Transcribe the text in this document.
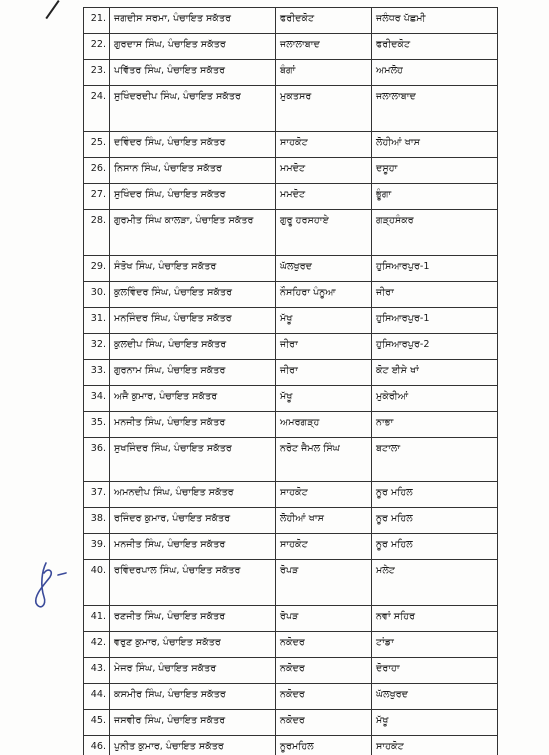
21.	ਜਗਦੀਸ ਸਰਮਾ, ਪੰਚਾਇਤ ਸਕੱਤਰ	ਫਰੀਦਕੋਟ	ਜਲੰਧਰ ਪੱਛਮੀ
22.	ਗੁਰਦਾਸ ਸਿੰਘ, ਪੰਚਾਇਤ ਸਕੱਤਰ	ਜਲਾਲਾਬਾਦ	ਫਰੀਦਕੋਟ
23.	ਪਵਿੱਤਰ ਸਿੰਘ, ਪੰਚਾਇਤ ਸਕੱਤਰ	ਬੰਗਾਂ	ਅਮਲੋਹ
24.	ਸੁਖਿੰਦਰਦੀਪ ਸਿੰਘ, ਪੰਚਾਇਤ ਸਕੱਤਰ	ਮੁਕਤਸਰ	ਜਲਾਲਾਬਾਦ
25.	ਦਵਿੰਦਰ ਸਿੰਘ, ਪੰਚਾਇਤ ਸਕੱਤਰ	ਸਾਹਕੋਟ	ਲੋਹੀਆਂ ਖਾਸ
26.	ਨਿਸਾਨ ਸਿੰਘ, ਪੰਚਾਇਤ ਸਕੱਤਰ	ਮਮਦੋਟ	ਦਸੂਹਾ
27.	ਸੁਖਿੰਦਰ ਸਿੰਘ, ਪੰਚਾਇਤ ਸਕੱਤਰ	ਮਮਦੋਟ	ਭੂੰਗਾ
28.	ਗੁਰਮੀਤ ਸਿੰਘ ਕਾਲੜਾ, ਪੰਚਾਇਤ ਸਕੱਤਰ	ਗੁਰੂ ਹਰਸਹਾਏ	ਗੜ੍ਹਸੰਕਰ
29.	ਸੰਤੋਖ ਸਿੰਘ, ਪੰਚਾਇਤ ਸਕੱਤਰ	ਘੱਲਖੁਰਦ	ਹੁਸਿਆਰਪੁਰ-1
30.	ਕੁਲਵਿੰਦਰ ਸਿੰਘ, ਪੰਚਾਇਤ ਸਕੱਤਰ	ਨੌਸਹਿਰਾ ਪੰਨੂਆ	ਜੀਰਾ
31.	ਮਨਜਿੰਦਰ ਸਿੰਘ, ਪੰਚਾਇਤ ਸਕੱਤਰ	ਮੱਖੂ	ਹੁਸਿਆਰਪੁਰ-1
32.	ਕੁਲਦੀਪ ਸਿੰਘ, ਪੰਚਾਇਤ ਸਕੱਤਰ	ਜੀਰਾ	ਹੁਸਿਆਰਪੁਰ-2
33.	ਗੁਰਨਾਮ ਸਿੰਘ, ਪੰਚਾਇਤ ਸਕੱਤਰ	ਜੀਰਾ	ਕੋਟ ਈਸੇ ਖਾਂ
34.	ਅਜੈ ਕੁਮਾਰ, ਪੰਚਾਇਤ ਸਕੱਤਰ	ਮੱਖੂ	ਮੁਕੇਰੀਆਂ
35.	ਮਨਜੀਤ ਸਿੰਘ, ਪੰਚਾਇਤ ਸਕੱਤਰ	ਅਮਰਗੜ੍ਹ	ਨਾਭਾ
36.	ਸੁਖਜਿੰਦਰ ਸਿੰਘ, ਪੰਚਾਇਤ ਸਕੱਤਰ	ਨਰੋਟ ਜੈਮਲ ਸਿੰਘ	ਬਟਾਲਾ
37.	ਅਮਨਦੀਪ ਸਿੰਘ, ਪੰਚਾਇਤ ਸਕੱਤਰ	ਸਾਹਕੋਟ	ਨੂਰ ਮਹਿਲ
38.	ਰਜਿੰਦਰ ਕੁਮਾਰ, ਪੰਚਾਇਤ ਸਕੱਤਰ	ਲੋਹੀਆਂ ਖਾਸ	ਨੂਰ ਮਹਿਲ
39.	ਮਨਜੀਤ ਸਿੰਘ, ਪੰਚਾਇਤ ਸਕੱਤਰ	ਸਾਹਕੋਟ	ਨੂਰ ਮਹਿਲ
40.	ਰਵਿੰਦਰਪਾਲ ਸਿੰਘ, ਪੰਚਾਇਤ ਸਕੱਤਰ	ਰੋਪੜ	ਮਲੇਟ
41.	ਰਣਜੀਤ ਸਿੰਘ, ਪੰਚਾਇਤ ਸਕੱਤਰ	ਰੋਪੜ	ਨਵਾਂ ਸਹਿਰ
42.	ਵਰੁਣ ਕੁਮਾਰ, ਪੰਚਾਇਤ ਸਕੱਤਰ	ਨਕੋਦਰ	ਟਾਂਡਾ
43.	ਮੇਜਰ ਸਿੰਘ, ਪੰਚਾਇਤ ਸਕੱਤਰ	ਨਕੋਦਰ	ਦੋਰਾਹਾ
44.	ਕਸਮੀਰ ਸਿੰਘ, ਪੰਚਾਇਤ ਸਕੱਤਰ	ਨਕੋਦਰ	ਘੱਲਖੁਰਦ
45.	ਜਸਵੀਰ ਸਿੰਘ, ਪੰਚਾਇਤ ਸਕੱਤਰ	ਨਕੋਦਰ	ਮੱਖੂ
46.	ਪੁਨੀਤ ਕੁਮਾਰ, ਪੰਚਾਇਤ ਸਕੱਤਰ	ਨੂਰਮਹਿਲ	ਸਾਹਕੋਟ
